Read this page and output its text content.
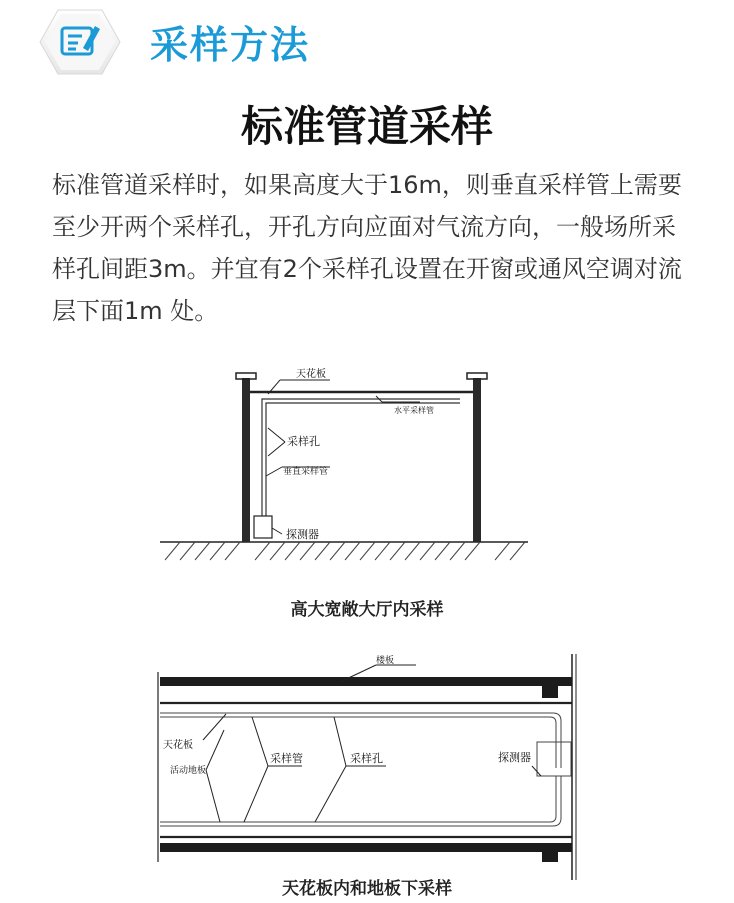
采样方法
标准管道采样
标准管道采样时，如果高度大于16m，则垂直采样管上需要至少开两个采样孔，开孔方向应面对气流方向，一般场所采样孔间距3m。并宜有2个采样孔设置在开窗或通风空调对流层下面1m 处。
天花板
水平采样管
采样孔
垂直采样管
探测器
高大宽敞大厅内采样
楼板
天花板
活动地板
采样管	采样孔	探测器
天花板内和地板下采样
